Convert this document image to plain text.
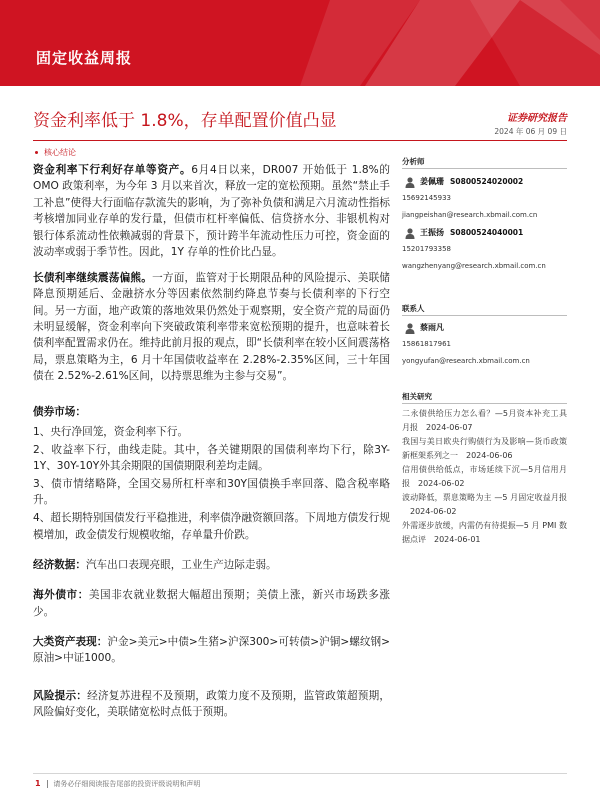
固定收益周报
资金利率低于 1.8%，存单配置价值凸显	证券研究报告
2024 年 06 月 09 日
核心结论

资金利率下行利好存单等资产。6月4日以来，DR007 开始低于 1.8%的 OMO 政策利率，为今年 3 月以来首次，释放一定的宽松预期。虽然“禁止手工补息”使得大行面临存款流失的影响，为了弥补负债和满足六月流动性指标考核增加同业存单的发行量，但债市杠杆率偏低、信贷挤水分、非银机构对银行体系流动性依赖减弱的背景下，预计跨半年流动性压力可控，资金面的波动率或弱于季节性。因此，1Y 存单的性价比凸显。

长债利率继续震荡偏熊。一方面，监管对于长期限品种的风险提示、美联储降息预期延后、金融挤水分等因素依然制约降息节奏与长债利率的下行空间。另一方面，地产政策的落地效果仍然处于观察期，安全资产荒的局面仍未明显缓解，资金利率向下突破政策利率带来宽松预期的提升，也意味着长债利率配置需求仍在。维持此前月报的观点，即“长债利率在较小区间震荡格局，票息策略为主，6 月十年国债收益率在 2.28%-2.35%区间，三十年国债在 2.52%-2.61%区间，以持票思维为主参与交易”。

债券市场：

1、央行净回笼，资金利率下行。

2、收益率下行，曲线走陡。其中，各关键期限的国债利率均下行，除3Y-1Y、30Y-10Y外其余期限的国债期限利差均走阔。

3、债市情绪略降，全国交易所杠杆率和30Y国债换手率回落、隐含税率略升。

4、超长期特别国债发行平稳推进，利率债净融资额回落。下周地方债发行规模增加，政金债发行规模收缩，存单量升价跌。

经济数据：汽车出口表现亮眼，工业生产边际走弱。

海外债市：美国非农就业数据大幅超出预期；美债上涨，新兴市场跌多涨少。

大类资产表现：沪金>美元>中债>生猪>沪深300>可转债>沪铜>螺纹钢>原油>中证1000。

风险提示：经济复苏进程不及预期，政策力度不及预期，监管政策超预期，风险偏好变化，美联储宽松时点低于预期。

分析师
姜佩珊 S0800524020002
15692145933
jiangpeishan@research.xbmail.com.cn
王振扬 S0800524040001
15201793358
wangzhenyang@research.xbmail.com.cn
联系人
蔡雨凡
15861817961
yongyufan@research.xbmail.com.cn
相关研究
二永债供给压力怎么看？—5月资本补充工具月报 2024-06-07
我国与美日欧央行购债行为及影响—货币政策新框架系列之一 2024-06-06
信用债供给低点，市场延续下沉—5月信用月报 2024-06-02
波动降低，票息策略为主 —5 月固定收益月报2024-06-02
外需逐步放缓，内需仍有待提振—5 月 PMI 数据点评 2024-06-01
1 请务必仔细阅读报告尾部的投资评级说明和声明
